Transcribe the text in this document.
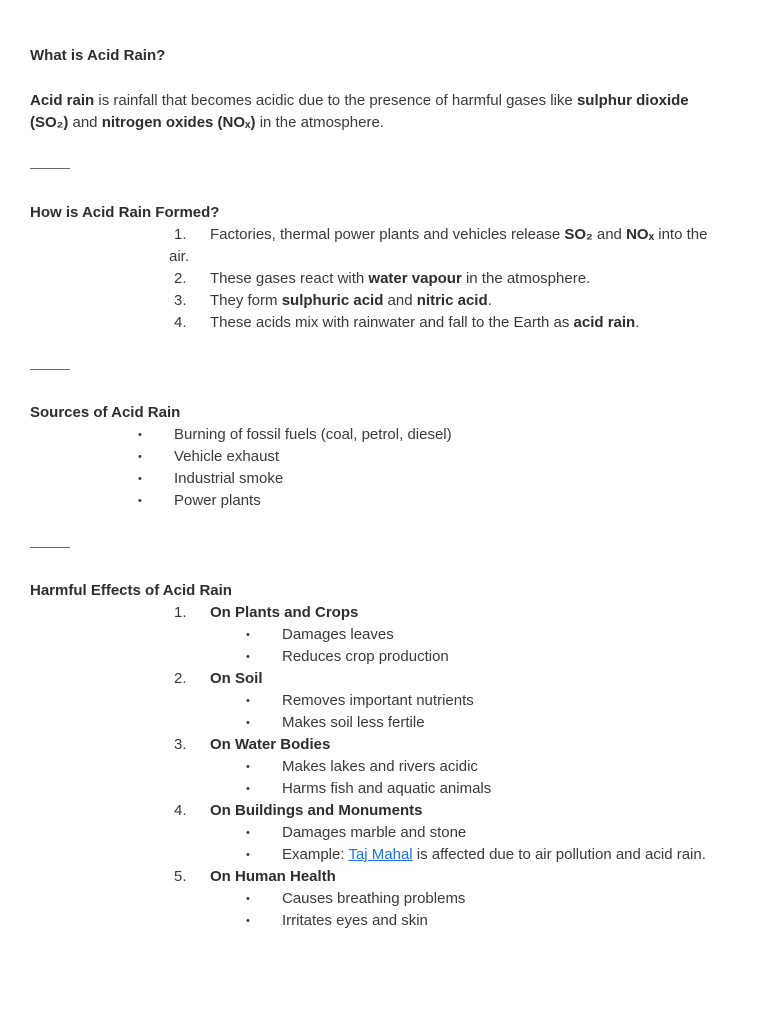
What is Acid Rain?

Acid rain is rainfall that becomes acidic due to the presence of harmful gases like sulphur dioxide (SO₂) and nitrogen oxides (NOₓ) in the atmosphere.

How is Acid Rain Formed?
1. Factories, thermal power plants and vehicles release SO₂ and NOₓ into the air.
2. These gases react with water vapour in the atmosphere.
3. They form sulphuric acid and nitric acid.
4. These acids mix with rainwater and fall to the Earth as acid rain.
Sources of Acid Rain
• Burning of fossil fuels (coal, petrol, diesel)
• Vehicle exhaust
• Industrial smoke
• Power plants
Harmful Effects of Acid Rain
1. On Plants and Crops
• Damages leaves
• Reduces crop production
2. On Soil
• Removes important nutrients
• Makes soil less fertile
3. On Water Bodies
• Makes lakes and rivers acidic
• Harms fish and aquatic animals
4. On Buildings and Monuments
• Damages marble and stone
• Example: Taj Mahal is affected due to air pollution and acid rain.
5. On Human Health
• Causes breathing problems
• Irritates eyes and skin
